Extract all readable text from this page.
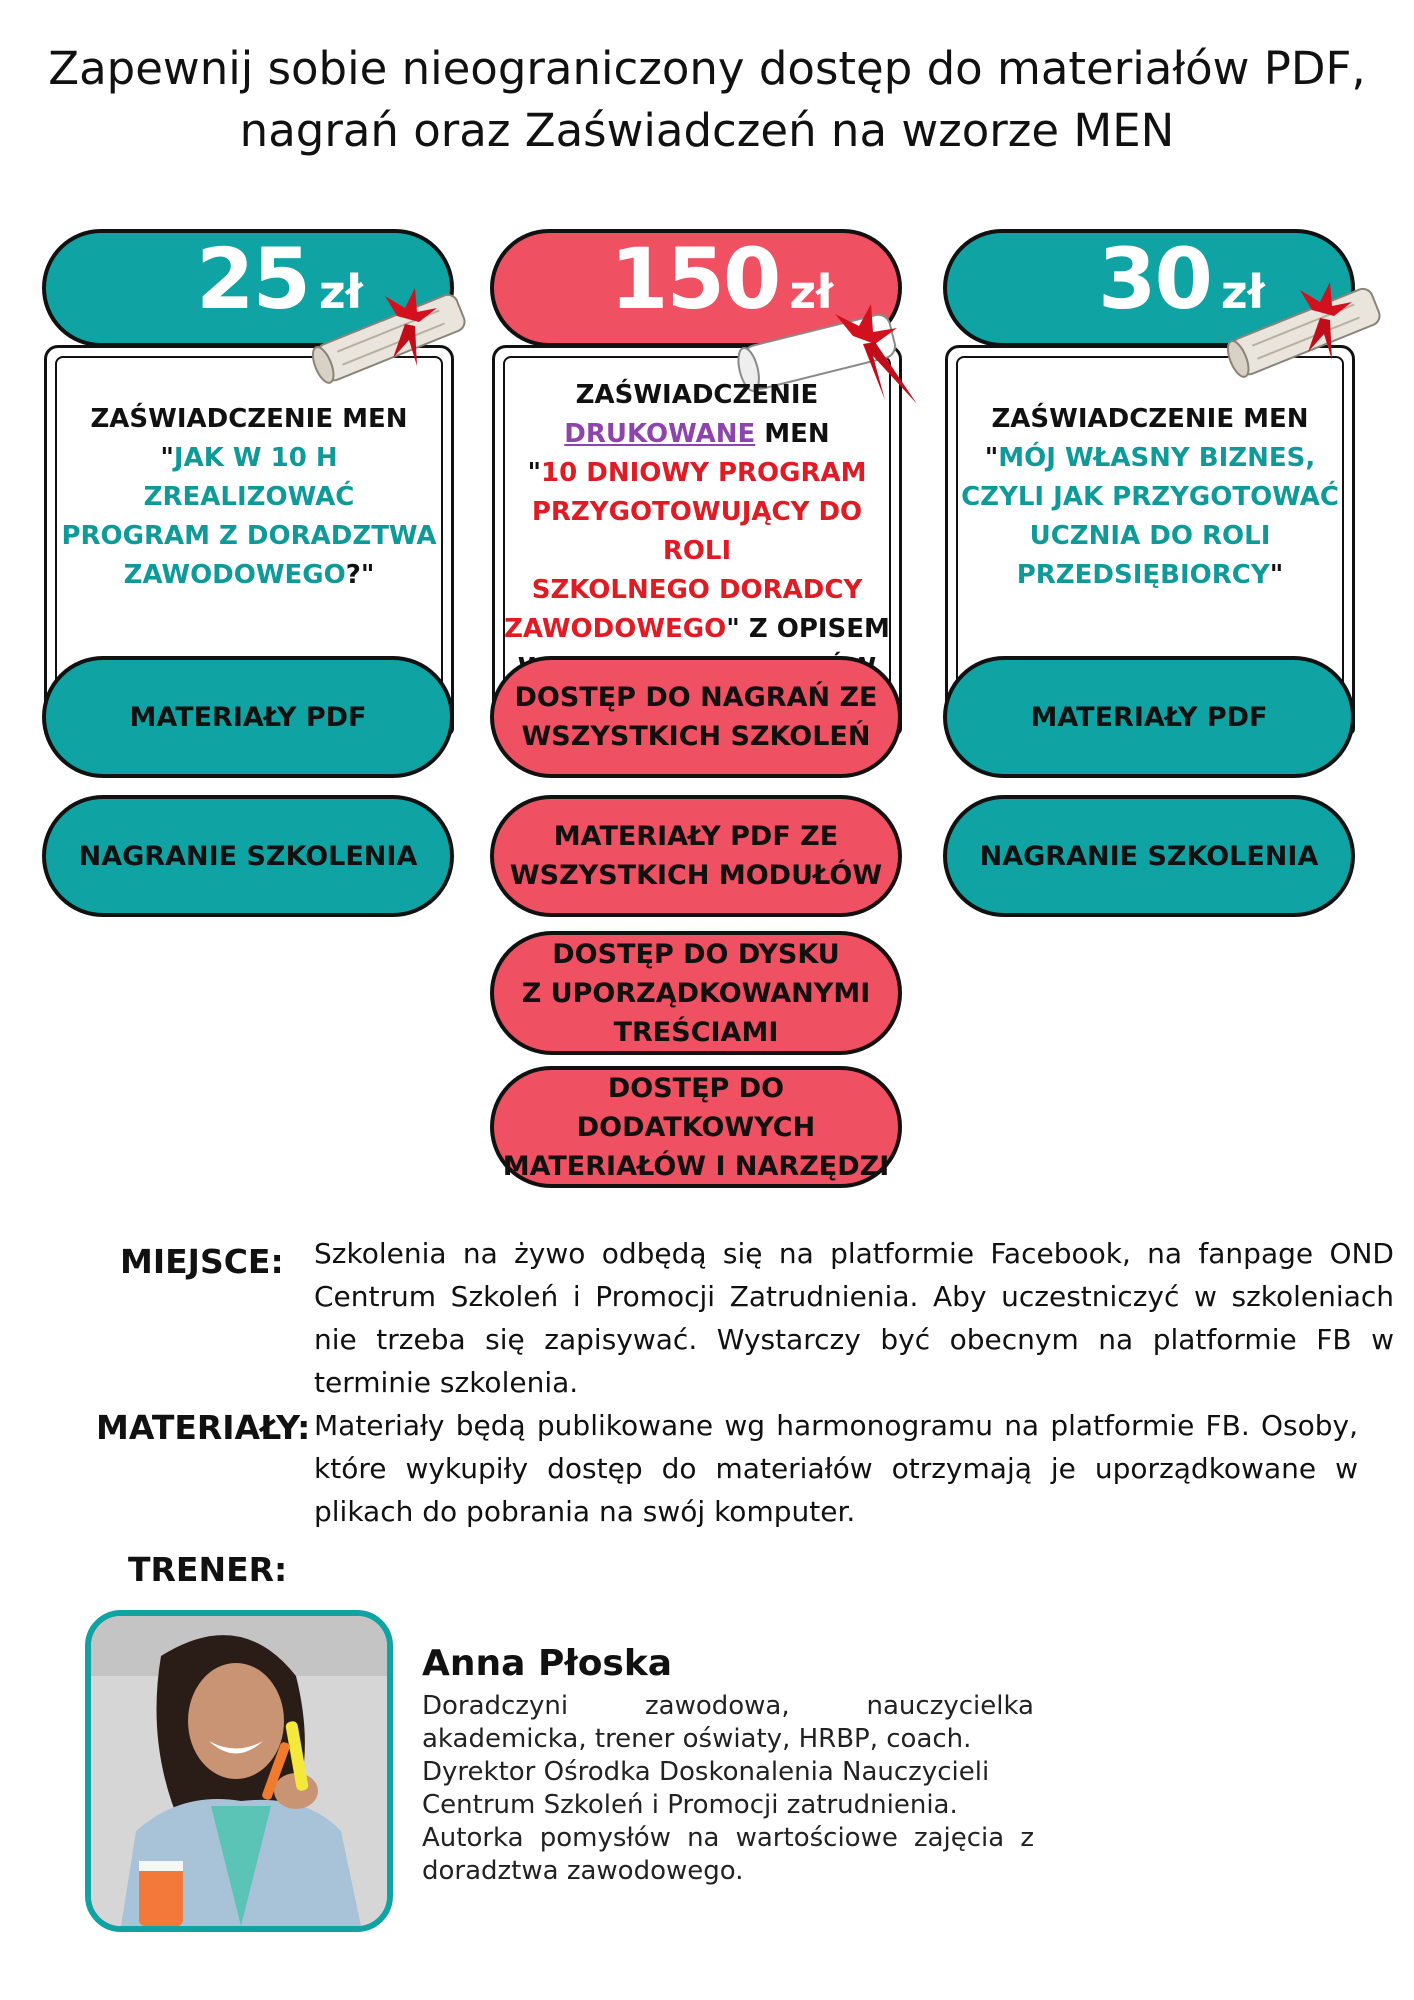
Zapewnij sobie nieograniczony dostęp do materiałów PDF,
nagrań oraz Zaświadczeń na wzorze MEN
25 zł
ZAŚWIADCZENIE MEN
"JAK W 10 H ZREALIZOWAĆ
PROGRAM Z DORADZTWA
ZAWODOWEGO?"
MATERIAŁY PDF
NAGRANIE SZKOLENIA
150 zł
ZAŚWIADCZENIE
DRUKOWANE MEN
"10 DNIOWY PROGRAM
PRZYGOTOWUJĄCY DO ROLI
SZKOLNEGO DORADCY
ZAWODOWEGO" Z OPISEM
DOSTĘP DO NAGRAŃ ZE
WSZYSTKICH SZKOLEŃ
MATERIAŁY PDF ZE
WSZYSTKICH MODUŁÓW
DOSTĘP DO DYSKU
Z UPORZĄDKOWANYMI
TREŚCIAMI
DOSTĘP DO DODATKOWYCH
MATERIAŁÓW I NARZĘDZI
30 zł
ZAŚWIADCZENIE MEN
"MÓJ WŁASNY BIZNES,
CZYLI JAK PRZYGOTOWAĆ
UCZNIA DO ROLI
PRZEDSIĘBIORCY"
MATERIAŁY PDF
NAGRANIE SZKOLENIA
MIEJSCE: Szkolenia na żywo odbędą się na platformie Facebook, na fanpage OND Centrum Szkoleń i Promocji Zatrudnienia. Aby uczestniczyć w szkoleniach nie trzeba się zapisywać. Wystarczy być obecnym na platformie FB w terminie szkolenia.
MATERIAŁY: Materiały będą publikowane wg harmonogramu na platformie FB. Osoby, które wykupiły dostęp do materiałów otrzymają je uporządkowane w plikach do pobrania na swój komputer.
TRENER:
Anna Płoska

Doradczyni zawodowa, nauczycielka akademicka, trener oświaty, HRBP, coach.

Dyrektor Ośrodka Doskonalenia Nauczycieli Centrum Szkoleń i Promocji zatrudnienia.

Autorka pomysłów na wartościowe zajęcia z doradztwa zawodowego.
